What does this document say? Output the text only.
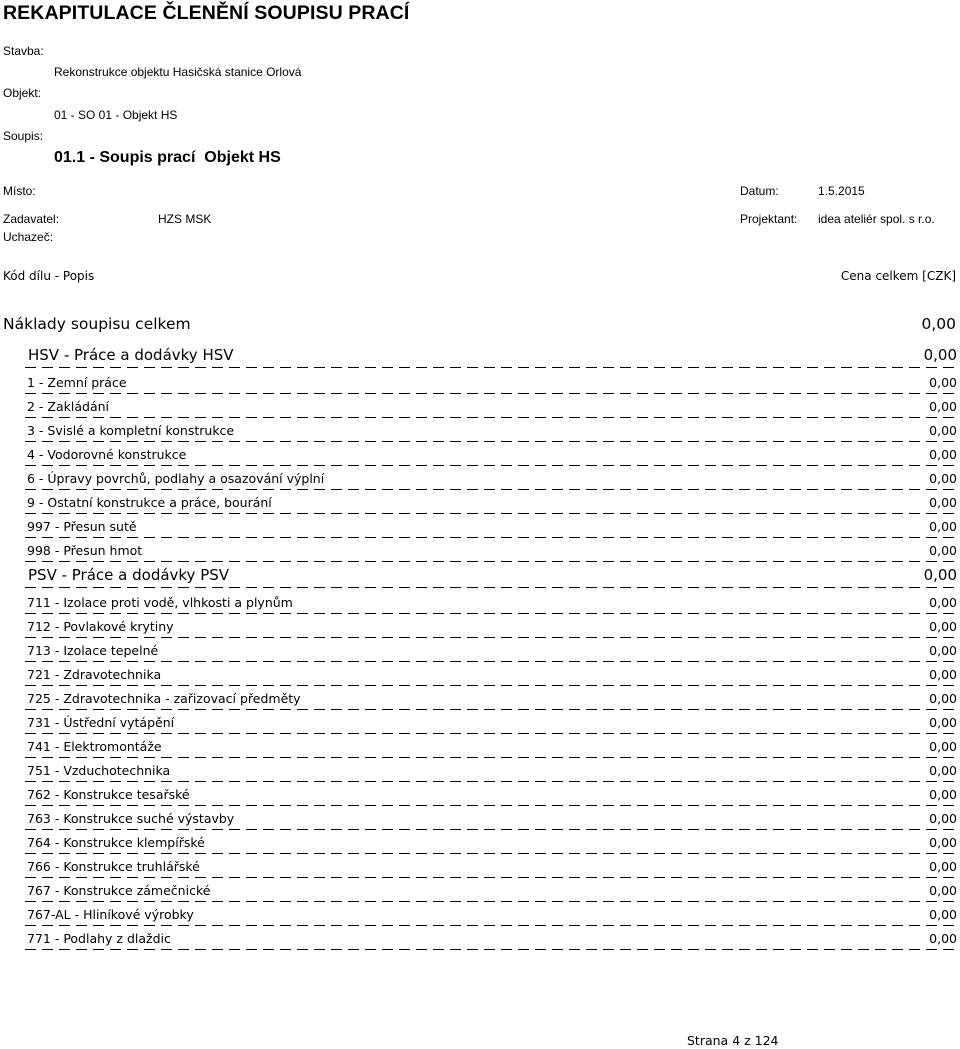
REKAPITULACE ČLENĚNÍ SOUPISU PRACÍ
Stavba:
Rekonstrukce objektu Hasičská stanice Orlová
Objekt:
01 - SO 01 - Objekt HS
Soupis:
01.1 - Soupis prací  Objekt HS
Místo:	Datum:	1.5.2015
Zadavatel:	HZS MSK	Projektant: idea ateliér spol. s r.o.
Uchazeč:
Kód dílu - Popis	Cena celkem [CZK]
Náklady soupisu celkem	0,00
HSV - Práce a dodávky HSV	0,00
1 - Zemní práce	0,00
2 - Zakládání	0,00
3 - Svislé a kompletní konstrukce	0,00
4 - Vodorovné konstrukce	0,00
6 - Úpravy povrchů, podlahy a osazování výplní	0,00
9 - Ostatní konstrukce a práce, bourání	0,00
997 - Přesun sutě	0,00
998 - Přesun hmot	0,00
PSV - Práce a dodávky PSV	0,00
711 - Izolace proti vodě, vlhkosti a plynům	0,00
712 - Povlakové krytiny	0,00
713 - Izolace tepelné	0,00
721 - Zdravotechnika	0,00
725 - Zdravotechnika - zařizovací předměty	0,00
731 - Ústřední vytápění	0,00
741 - Elektromontáže	0,00
751 - Vzduchotechnika	0,00
762 - Konstrukce tesařské	0,00
763 - Konstrukce suché výstavby	0,00
764 - Konstrukce klempířské	0,00
766 - Konstrukce truhlářské	0,00
767 - Konstrukce zámečnické	0,00
767-AL - Hliníkové výrobky	0,00
771 - Podlahy z dlaždic	0,00
Strana 4 z 124
